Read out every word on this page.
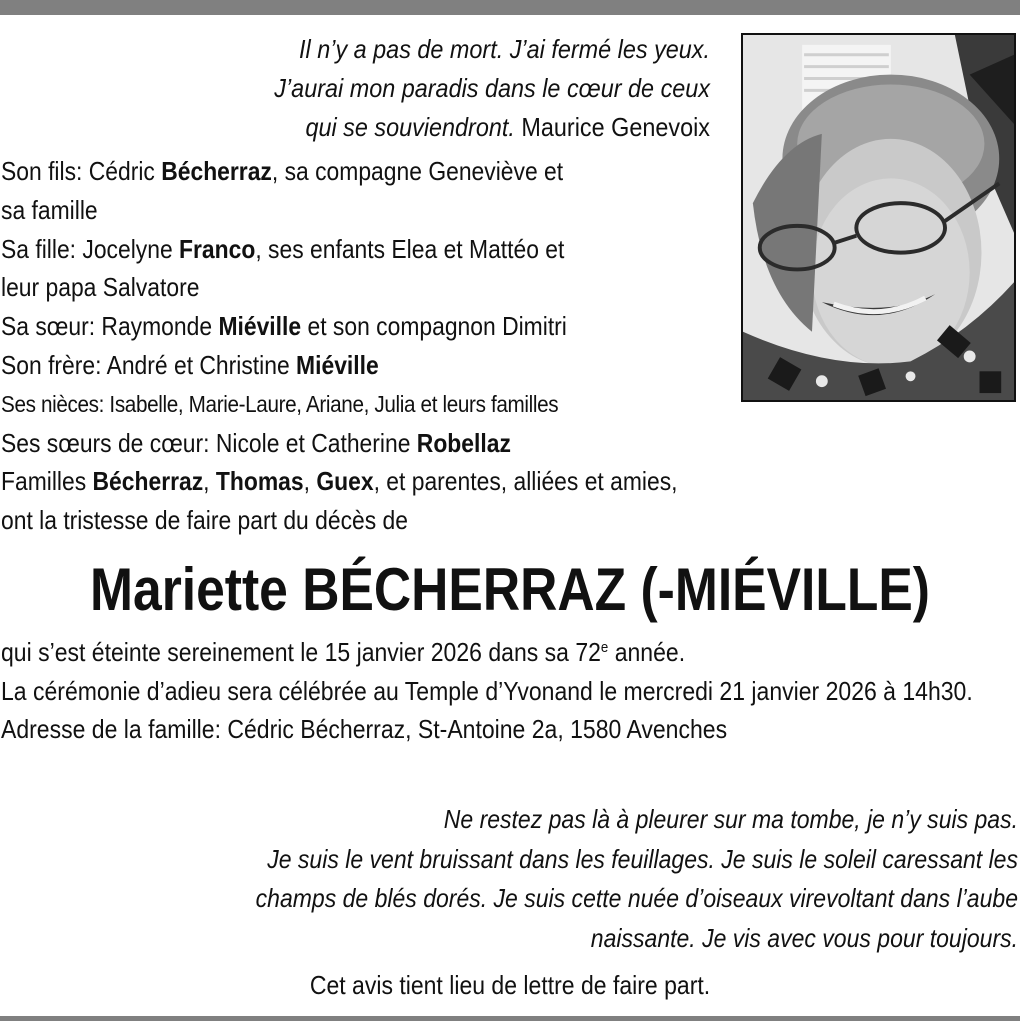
Il n’y a pas de mort. J’ai fermé les yeux.
J’aurai mon paradis dans le cœur de ceux
qui se souviendront. Maurice Genevoix
Son fils: Cédric Bécherraz, sa compagne Geneviève et
sa famille
Sa fille: Jocelyne Franco, ses enfants Elea et Mattéo et
leur papa Salvatore
Sa sœur: Raymonde Miéville et son compagnon Dimitri
Son frère: André et Christine Miéville
Ses nièces: Isabelle, Marie-Laure, Ariane, Julia et leurs familles
Ses sœurs de cœur: Nicole et Catherine Robellaz
Familles Bécherraz, Thomas, Guex, et parentes, alliées et amies,
ont la tristesse de faire part du décès de
Mariette BÉCHERRAZ (-MIÉVILLE)
qui s’est éteinte sereinement le 15 janvier 2026 dans sa 72e année.
La cérémonie d’adieu sera célébrée au Temple d’Yvonand le mercredi 21 janvier 2026 à 14h30.
Adresse de la famille: Cédric Bécherraz, St-Antoine 2a, 1580 Avenches
Ne restez pas là à pleurer sur ma tombe, je n’y suis pas.
Je suis le vent bruissant dans les feuillages. Je suis le soleil caressant les
champs de blés dorés. Je suis cette nuée d’oiseaux virevoltant dans l’aube
naissante. Je vis avec vous pour toujours.
Cet avis tient lieu de lettre de faire part.
